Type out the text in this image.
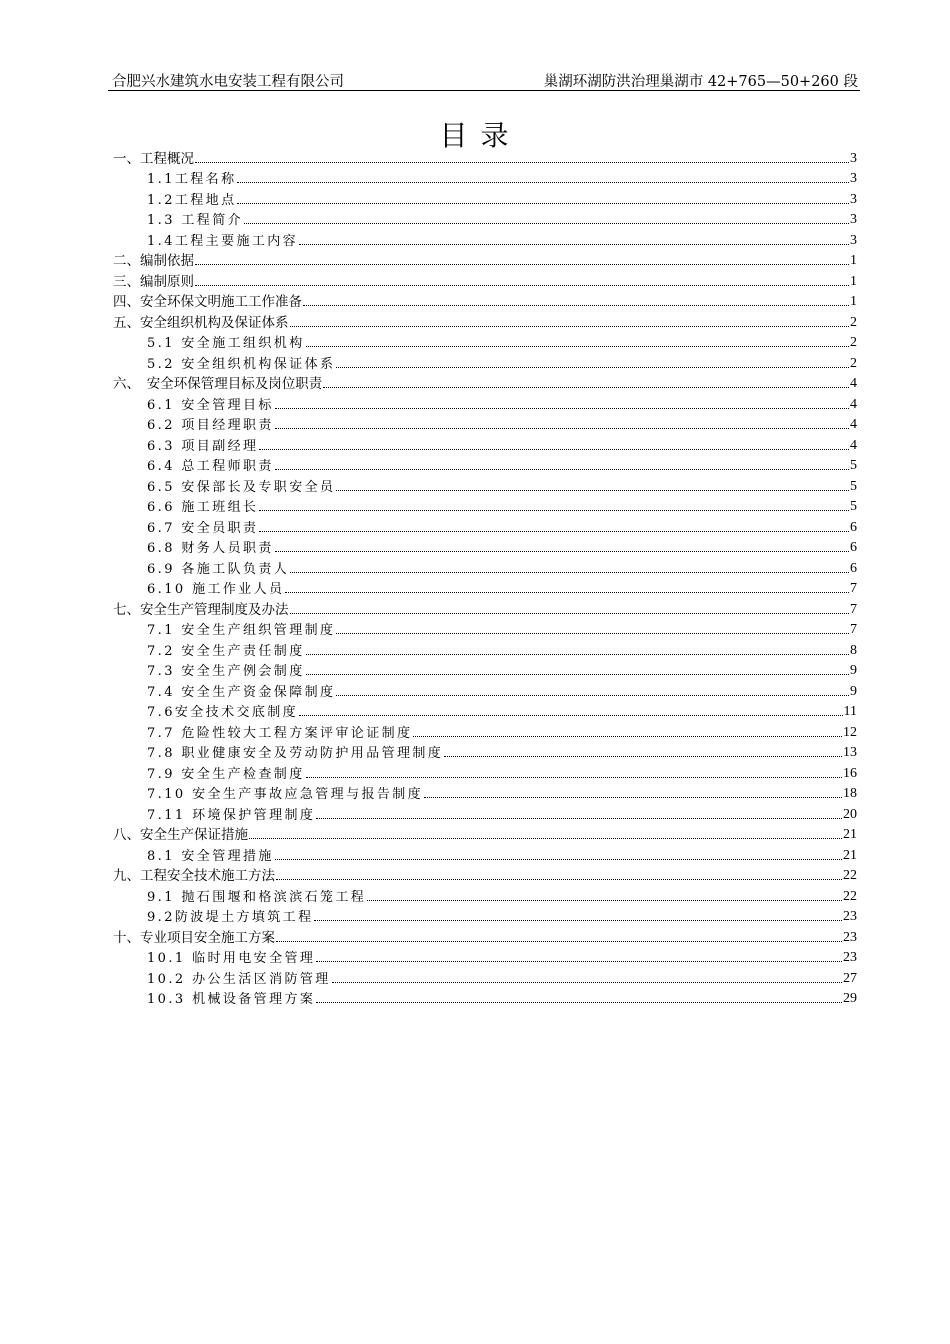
合肥兴水建筑水电安装工程有限公司	巢湖环湖防洪治理巢湖市 42+765—50+260 段
目 录
一、工程概况	3
1.1工程名称	3
1.2工程地点	3
1.3 工程简介	3
1.4工程主要施工内容	3
二、编制依据	1
三、编制原则	1
四、安全环保文明施工工作准备	1
五、安全组织机构及保证体系	2
5.1 安全施工组织机构	2
5.2 安全组织机构保证体系	2
六、　安全环保管理目标及岗位职责	4
6.1 安全管理目标	4
6.2 项目经理职责	4
6.3 项目副经理	4
6.4 总工程师职责	5
6.5 安保部长及专职安全员	5
6.6 施工班组长	5
6.7 安全员职责	6
6.8 财务人员职责	6
6.9 各施工队负责人	6
6.10 施工作业人员	7
七、安全生产管理制度及办法	7
7.1 安全生产组织管理制度	7
7.2 安全生产责任制度	8
7.3 安全生产例会制度	9
7.4 安全生产资金保障制度	9
7.6安全技术交底制度	11
7.7 危险性较大工程方案评审论证制度	12
7.8 职业健康安全及劳动防护用品管理制度	13
7.9 安全生产检查制度	16
7.10 安全生产事故应急管理与报告制度	18
7.11 环境保护管理制度	20
八、安全生产保证措施	21
8.1 安全管理措施	21
九、工程安全技术施工方法	22
9.1 抛石围堰和格滨滨石笼工程	22
9.2防波堤土方填筑工程	23
十、专业项目安全施工方案	23
10.1 临时用电安全管理	23
10.2 办公生活区消防管理	27
10.3 机械设备管理方案	29
